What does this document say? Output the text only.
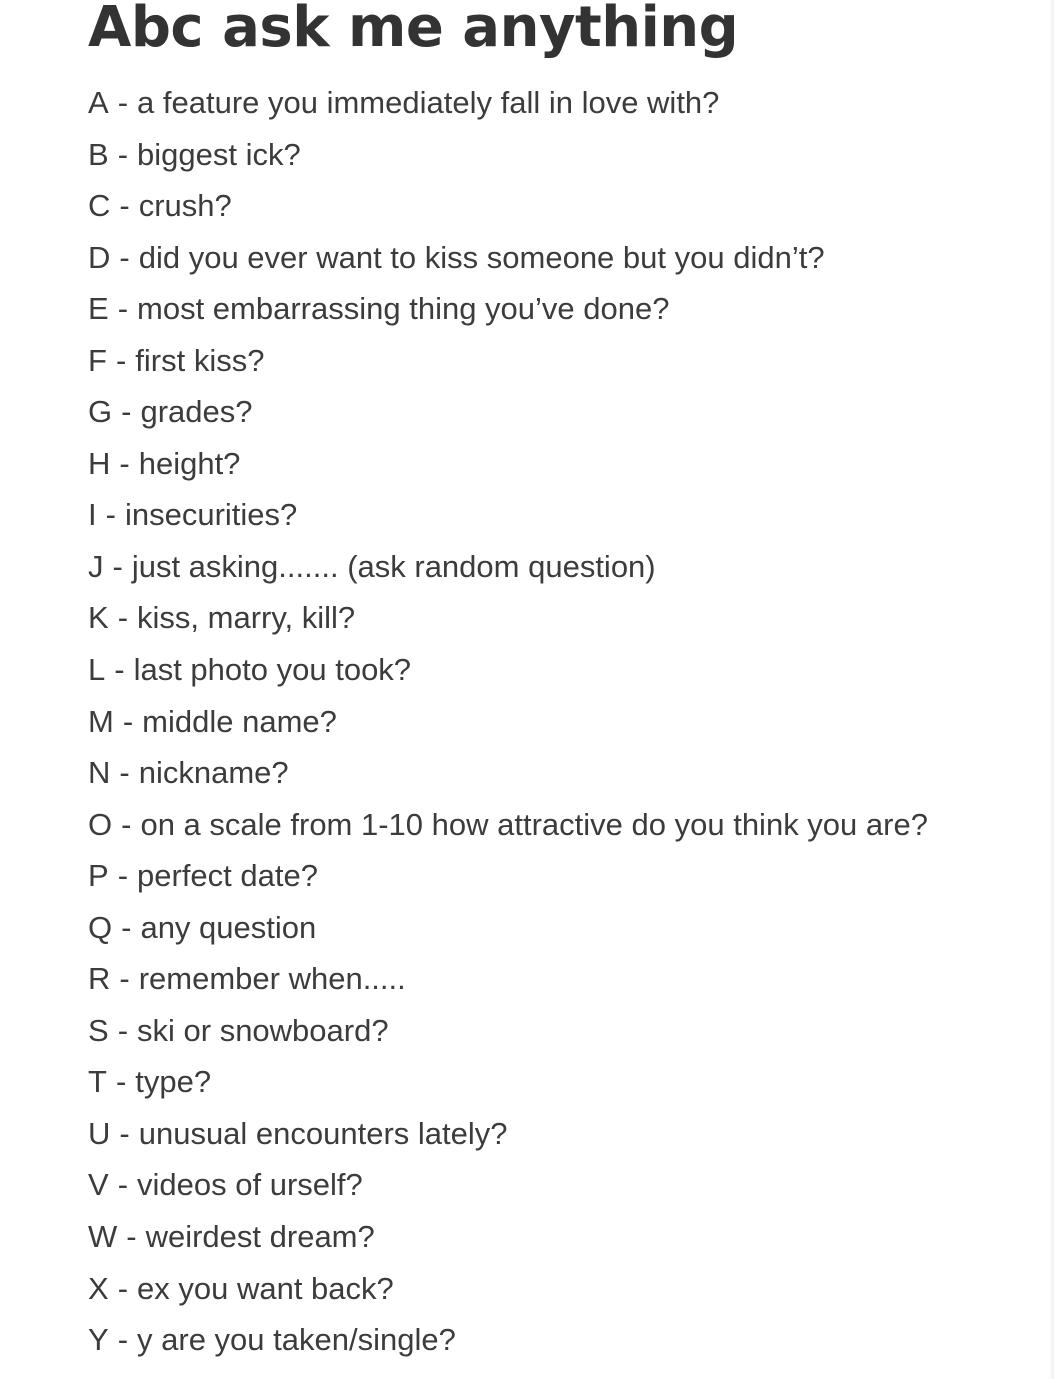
Abc ask me anything
A - a feature you immediately fall in love with?
B - biggest ick?
C - crush?
D - did you ever want to kiss someone but you didn’t?
E - most embarrassing thing you’ve done?
F - first kiss?
G - grades?
H - height?
I - insecurities?
J - just asking....... (ask random question)
K - kiss, marry, kill?
L - last photo you took?
M - middle name?
N - nickname?
O - on a scale from 1-10 how attractive do you think you are?
P - perfect date?
Q - any question
R - remember when.....
S - ski or snowboard?
T - type?
U - unusual encounters lately?
V - videos of urself?
W - weirdest dream?
X - ex you want back?
Y - y are you taken/single?
